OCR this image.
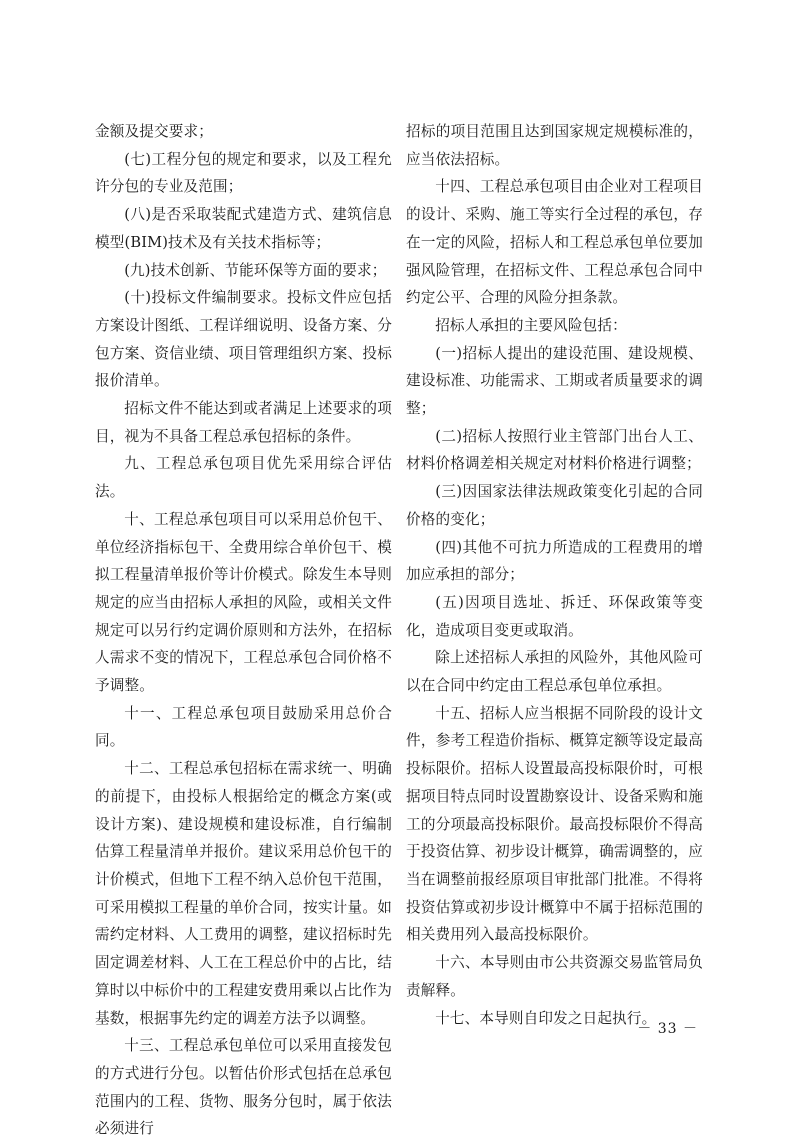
金额及提交要求；

(七)工程分包的规定和要求，以及工程允许分包的专业及范围；

(八)是否采取装配式建造方式、建筑信息模型(BIM)技术及有关技术指标等；

(九)技术创新、节能环保等方面的要求；

(十)投标文件编制要求。投标文件应包括方案设计图纸、工程详细说明、设备方案、分包方案、资信业绩、项目管理组织方案、投标报价清单。

招标文件不能达到或者满足上述要求的项目，视为不具备工程总承包招标的条件。

九、工程总承包项目优先采用综合评估法。

十、工程总承包项目可以采用总价包干、单位经济指标包干、全费用综合单价包干、模拟工程量清单报价等计价模式。除发生本导则规定的应当由招标人承担的风险，或相关文件规定可以另行约定调价原则和方法外，在招标人需求不变的情况下，工程总承包合同价格不予调整。

十一、工程总承包项目鼓励采用总价合同。

十二、工程总承包招标在需求统一、明确的前提下，由投标人根据给定的概念方案(或设计方案)、建设规模和建设标准，自行编制估算工程量清单并报价。建议采用总价包干的计价模式，但地下工程不纳入总价包干范围，可采用模拟工程量的单价合同，按实计量。如需约定材料、人工费用的调整，建议招标时先固定调差材料、人工在工程总价中的占比，结算时以中标价中的工程建安费用乘以占比作为基数，根据事先约定的调差方法予以调整。

十三、工程总承包单位可以采用直接发包的方式进行分包。以暂估价形式包括在总承包范围内的工程、货物、服务分包时，属于依法必须进行

招标的项目范围且达到国家规定规模标准的，应当依法招标。

十四、工程总承包项目由企业对工程项目的设计、采购、施工等实行全过程的承包，存在一定的风险，招标人和工程总承包单位要加强风险管理，在招标文件、工程总承包合同中约定公平、合理的风险分担条款。

招标人承担的主要风险包括：

(一)招标人提出的建设范围、建设规模、建设标准、功能需求、工期或者质量要求的调整；

(二)招标人按照行业主管部门出台人工、材料价格调差相关规定对材料价格进行调整；

(三)因国家法律法规政策变化引起的合同价格的变化；

(四)其他不可抗力所造成的工程费用的增加应承担的部分；

(五)因项目选址、拆迁、环保政策等变化，造成项目变更或取消。

除上述招标人承担的风险外，其他风险可以在合同中约定由工程总承包单位承担。

十五、招标人应当根据不同阶段的设计文件，参考工程造价指标、概算定额等设定最高投标限价。招标人设置最高投标限价时，可根据项目特点同时设置勘察设计、设备采购和施工的分项最高投标限价。最高投标限价不得高于投资估算、初步设计概算，确需调整的，应当在调整前报经原项目审批部门批准。不得将投资估算或初步设计概算中不属于招标范围的相关费用列入最高投标限价。

十六、本导则由市公共资源交易监管局负责解释。

十七、本导则自印发之日起执行。

－ 33 －
